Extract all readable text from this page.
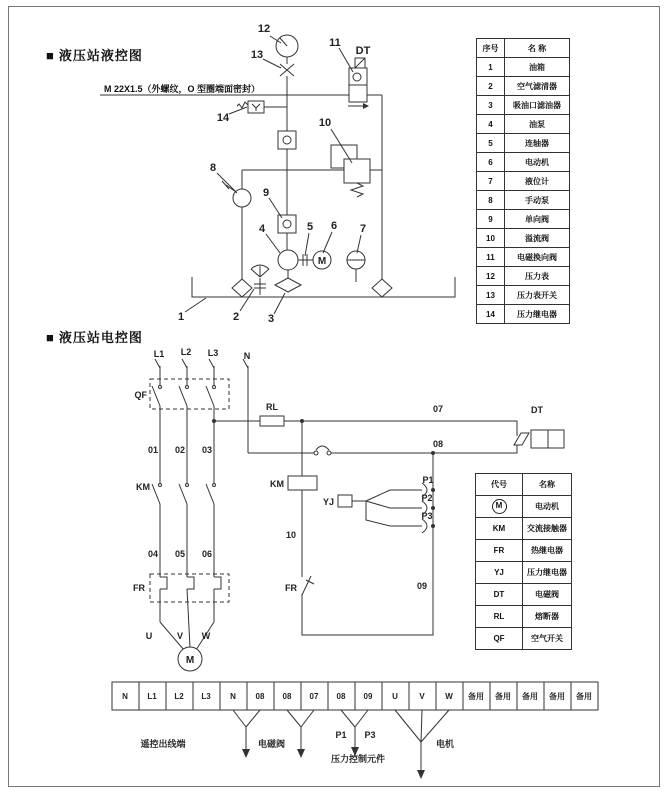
■ 液压站液控图
M 22X1.5（外螺纹，O 型圈端面密封）
■ 液压站电控图
M
12
13
11
DT
14	10
8
9
4	5 6 7
1	2	3
L1 L2 L3	N
QF
01 02 03
KM
04 05 06
FR
U	V W
M
RL	07
08
DT
KM
10
FR	09
YJ
P1
P2
P3
N L1 L2 L3 N 08 08 07 08 09 U	V	W 备用 备用 备用 备用 备用
遥控出线端	电磁阀
P1 P3
压力控制元件
电机
序号	名 称
1	油箱
2	空气滤清器
3	吸油口滤油器
4	油泵
5	连轴器
6	电动机
7	液位计
8	手动泵
9	单向阀
10	溢流阀
11	电磁换向阀
12	压力表
13	压力表开关
14	压力继电器
代号	名称
M	电动机
KM	交流接触器
FR	热继电器
YJ	压力继电器
DT	电磁阀
RL	熔断器
QF	空气开关
